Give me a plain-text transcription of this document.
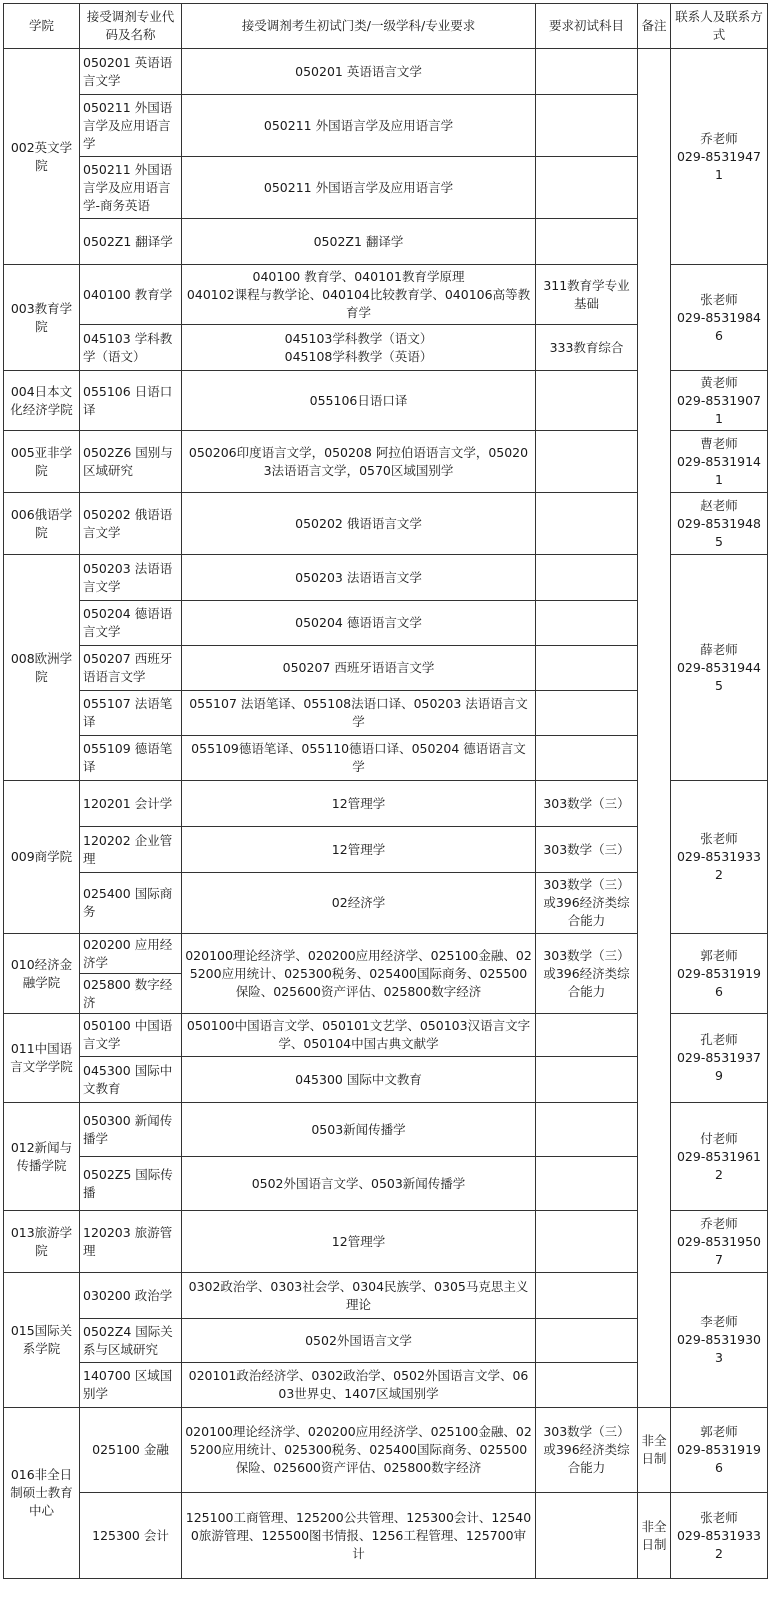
学院	接受调剂专业代码及名称	接受调剂考生初试门类/一级学科/专业要求	要求初试科目	备注	联系人及联系方式
002英文学院	050201 英语语言文学	050201 英语语言文学			乔老师
029-85319471
	050211 外国语言学及应用语言学	050211 外国语言学及应用语言学			
	050211 外国语言学及应用语言学-商务英语	050211 外国语言学及应用语言学			
	0502Z1 翻译学	0502Z1 翻译学			
003教育学院	040100 教育学	040100 教育学、040101教育学原理
040102课程与教学论、040104比较教育学、040106高等教育学	311教育学专业基础		张老师
029-85319846
	045103 学科教学（语文）	045103学科教学（语文）
045108学科教学（英语）	333教育综合		
004日本文化经济学院	055106 日语口译	055106日语口译			黄老师
029-85319071
005亚非学院	0502Z6 国别与区域研究	050206印度语言文学，050208 阿拉伯语语言文学，050203法语语言文学，0570区域国别学			曹老师
029-85319141
006俄语学院	050202 俄语语言文学	050202 俄语语言文学			赵老师
029-85319485
008欧洲学院	050203 法语语言文学	050203 法语语言文学			薛老师
029-85319445
	050204 德语语言文学	050204 德语语言文学			
	050207 西班牙语语言文学	050207 西班牙语语言文学			
	055107 法语笔译	055107 法语笔译、055108法语口译、050203 法语语言文学			
	055109 德语笔译	055109德语笔译、055110德语口译、050204 德语语言文学			
009商学院	120201 会计学	12管理学	303数学（三）		张老师
029-85319332
	120202 企业管理	12管理学	303数学（三）		
	025400 国际商务	02经济学	303数学（三）或396经济类综合能力		
010经济金融学院	020200 应用经济学	020100理论经济学、020200应用经济学、025100金融、025200应用统计、025300税务、025400国际商务、025500保险、025600资产评估、025800数字经济	303数学（三）或396经济类综合能力		郭老师
029-85319196
	025800 数字经济				
011中国语言文学学院	050100 中国语言文学	050100中国语言文学、050101文艺学、050103汉语言文字学、050104中国古典文献学			孔老师
029-85319379
	045300 国际中文教育	045300 国际中文教育			
012新闻与传播学院	050300 新闻传播学	0503新闻传播学			付老师
029-85319612
	0502Z5 国际传播	0502外国语言文学、0503新闻传播学			
013旅游学院	120203 旅游管理	12管理学			乔老师
029-85319507
015国际关系学院	030200 政治学	0302政治学、0303社会学、0304民族学、0305马克思主义理论			李老师
029-85319303
	0502Z4 国际关系与区域研究	0502外国语言文学			
	140700 区域国别学	020101政治经济学、0302政治学、0502外国语言文学、0603世界史、1407区域国别学			
016非全日制硕士教育中心	025100 金融	020100理论经济学、020200应用经济学、025100金融、025200应用统计、025300税务、025400国际商务、025500保险、025600资产评估、025800数字经济	303数学（三）或396经济类综合能力	非全日制	郭老师
029-85319196
	125300 会计	125100工商管理、125200公共管理、125300会计、125400旅游管理、125500图书情报、1256工程管理、125700审计		非全日制	张老师
029-85319332
